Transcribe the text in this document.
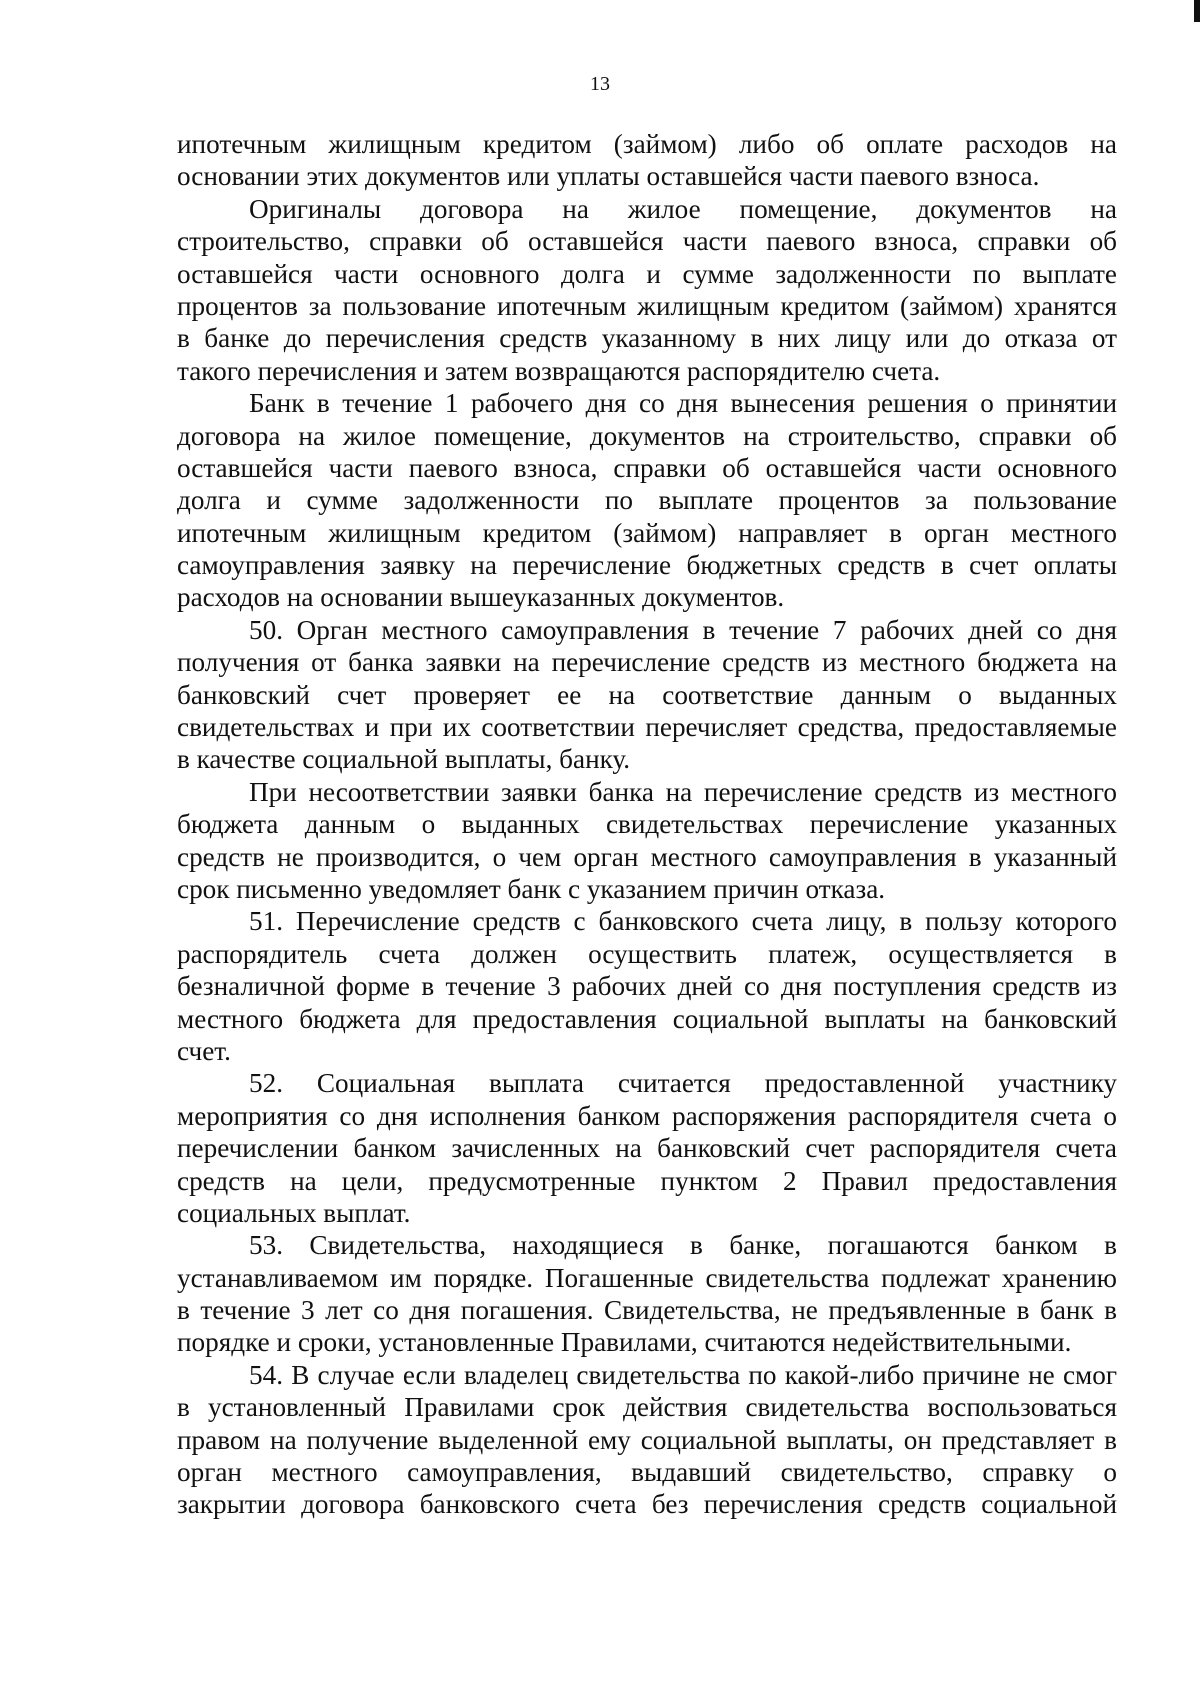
13
ипотечным жилищным кредитом (займом) либо об оплате расходов на
основании этих документов или уплаты оставшейся части паевого взноса.
Оригиналы договора на жилое помещение, документов на
строительство, справки об оставшейся части паевого взноса, справки об
оставшейся части основного долга и сумме задолженности по выплате
процентов за пользование ипотечным жилищным кредитом (займом) хранятся
в банке до перечисления средств указанному в них лицу или до отказа от
такого перечисления и затем возвращаются распорядителю счета.
Банк в течение 1 рабочего дня со дня вынесения решения о принятии
договора на жилое помещение, документов на строительство, справки об
оставшейся части паевого взноса, справки об оставшейся части основного
долга и сумме задолженности по выплате процентов за пользование
ипотечным жилищным кредитом (займом) направляет в орган местного
самоуправления заявку на перечисление бюджетных средств в счет оплаты
расходов на основании вышеуказанных документов.
50. Орган местного самоуправления в течение 7 рабочих дней со дня
получения от банка заявки на перечисление средств из местного бюджета на
банковский счет проверяет ее на соответствие данным о выданных
свидетельствах и при их соответствии перечисляет средства, предоставляемые
в качестве социальной выплаты, банку.
При несоответствии заявки банка на перечисление средств из местного
бюджета данным о выданных свидетельствах перечисление указанных
средств не производится, о чем орган местного самоуправления в указанный
срок письменно уведомляет банк с указанием причин отказа.
51. Перечисление средств с банковского счета лицу, в пользу которого
распорядитель счета должен осуществить платеж, осуществляется в
безналичной форме в течение 3 рабочих дней со дня поступления средств из
местного бюджета для предоставления социальной выплаты на банковский
счет.
52. Социальная выплата считается предоставленной участнику
мероприятия со дня исполнения банком распоряжения распорядителя счета о
перечислении банком зачисленных на банковский счет распорядителя счета
средств на цели, предусмотренные пунктом 2 Правил предоставления
социальных выплат.
53. Свидетельства, находящиеся в банке, погашаются банком в
устанавливаемом им порядке. Погашенные свидетельства подлежат хранению
в течение 3 лет со дня погашения. Свидетельства, не предъявленные в банк в
порядке и сроки, установленные Правилами, считаются недействительными.
54. В случае если владелец свидетельства по какой-либо причине не смог
в установленный Правилами срок действия свидетельства воспользоваться
правом на получение выделенной ему социальной выплаты, он представляет в
орган местного самоуправления, выдавший свидетельство, справку о
закрытии договора банковского счета без перечисления средств социальной
